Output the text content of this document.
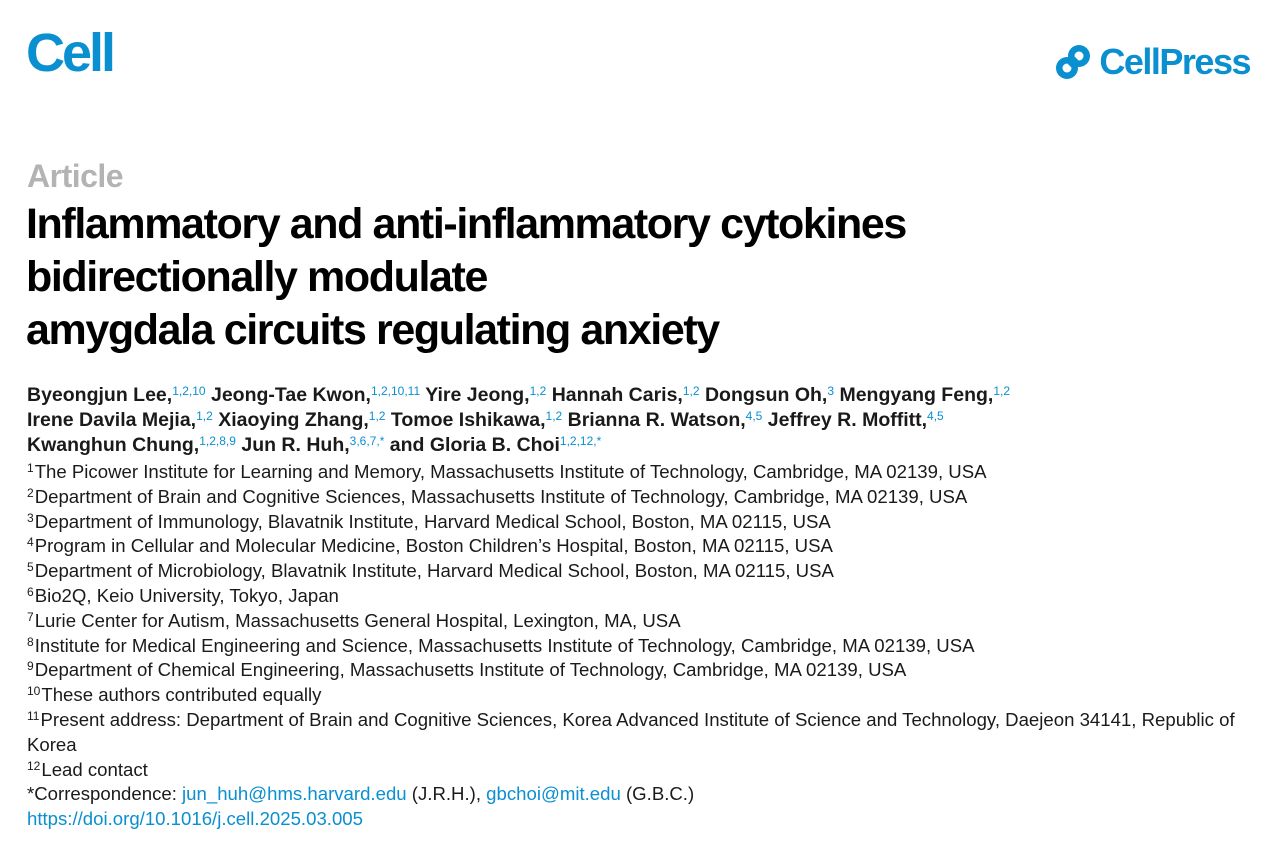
Cell	CellPress
Article
Inflammatory and anti-inflammatory cytokines
bidirectionally modulate
amygdala circuits regulating anxiety
Byeongjun Lee,$^{1,2,10}$ Jeong-Tae Kwon,$^{1,2,10,11}$ Yire Jeong,$^{1,2}$ Hannah Caris,$^{1,2}$ Dongsun Oh,$^3$ Mengyang Feng,$^{1,2}$
Irene Davila Mejia,$^{1,2}$ Xiaoying Zhang,$^{1,2}$ Tomoe Ishikawa,$^{1,2}$ Brianna R. Watson,$^{4,5}$ Jeffrey R. Moffitt,$^{4,5}$
Kwanghun Chung,$^{1,2,8,9}$ Jun R. Huh,$^{3,6,7,*}$ and Gloria B. Choi$^{1,2,12,*}$
$^1$The Picower Institute for Learning and Memory, Massachusetts Institute of Technology, Cambridge, MA 02139, USA
$^2$Department of Brain and Cognitive Sciences, Massachusetts Institute of Technology, Cambridge, MA 02139, USA
$^3$Department of Immunology, Blavatnik Institute, Harvard Medical School, Boston, MA 02115, USA
$^4$Program in Cellular and Molecular Medicine, Boston Children’s Hospital, Boston, MA 02115, USA
$^5$Department of Microbiology, Blavatnik Institute, Harvard Medical School, Boston, MA 02115, USA
$^6$Bio2Q, Keio University, Tokyo, Japan
$^7$Lurie Center for Autism, Massachusetts General Hospital, Lexington, MA, USA
$^8$Institute for Medical Engineering and Science, Massachusetts Institute of Technology, Cambridge, MA 02139, USA
$^9$Department of Chemical Engineering, Massachusetts Institute of Technology, Cambridge, MA 02139, USA
$^{10}$These authors contributed equally
$^{11}$Present address: Department of Brain and Cognitive Sciences, Korea Advanced Institute of Science and Technology, Daejeon 34141, Republic of Korea
$^{12}$Lead contact
*Correspondence: jun_huh@hms.harvard.edu (J.R.H.), gbchoi@mit.edu (G.B.C.)
https://doi.org/10.1016/j.cell.2025.03.005
